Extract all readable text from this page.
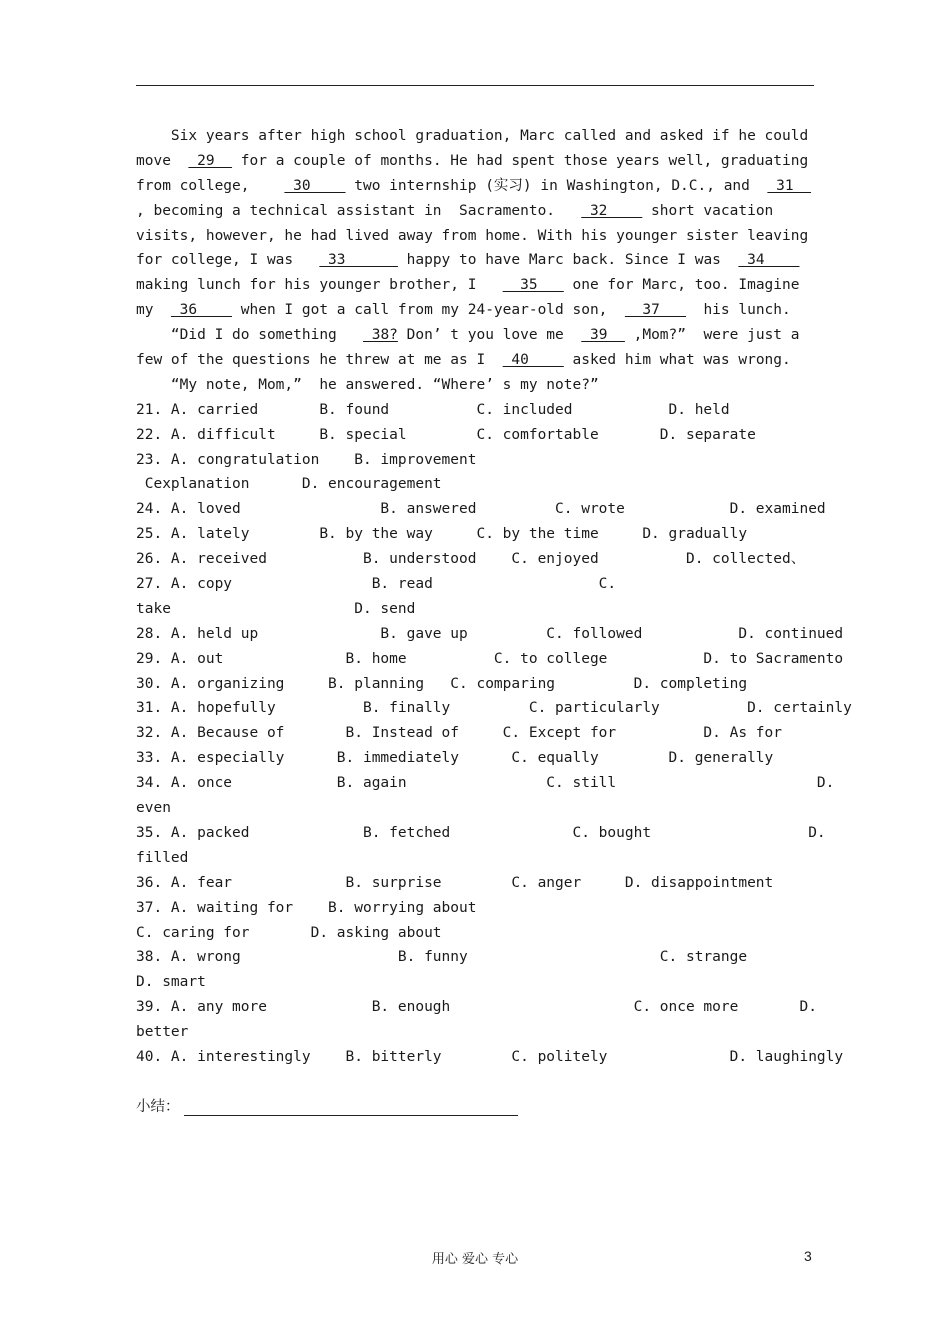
Six years after high school graduation, Marc called and asked if he could
move   29   for a couple of months. He had spent those years well, graduating
from college,     30     two internship (实习) in Washington, D.C., and   31
, becoming a technical assistant in  Sacramento.    32     short vacation
visits, however, he had lived away from home. With his younger sister leaving
for college, I was    33       happy to have Marc back. Since I was   34
making lunch for his younger brother, I     35    one for Marc, too. Imagine
my   36     when I got a call from my 24-year-old son,    37     his lunch.
“Did I do something    38? Don’ t you love me   39   ,Mom?”  were just a
few of the questions he threw at me as I   40     asked him what was wrong.
“My note, Mom,”  he answered. “Where’ s my note?”
21. A. carried       B. found          C. included           D. held
22. A. difficult     B. special        C. comfortable       D. separate
23. A. congratulation    B. improvement
Cexplanation      D. encouragement
24. A. loved                B. answered         C. wrote            D. examined
25. A. lately        B. by the way     C. by the time     D. gradually
26. A. received           B. understood    C. enjoyed          D. collected、
27. A. copy                B. read                   C.
take                     D. send
28. A. held up              B. gave up         C. followed           D. continued
29. A. out              B. home          C. to college           D. to Sacramento
30. A. organizing     B. planning   C. comparing         D. completing
31. A. hopefully          B. finally         C. particularly          D. certainly
32. A. Because of       B. Instead of     C. Except for          D. As for
33. A. especially      B. immediately      C. equally        D. generally
34. A. once            B. again                C. still                       D.
even
35. A. packed             B. fetched              C. bought                  D.
filled
36. A. fear             B. surprise        C. anger     D. disappointment
37. A. waiting for    B. worrying about
C. caring for       D. asking about
38. A. wrong                  B. funny                      C. strange
D. smart
39. A. any more            B. enough                     C. once more       D.
better
40. A. interestingly    B. bitterly        C. politely              D. laughingly
小结：
用心 爱心 专心	3
